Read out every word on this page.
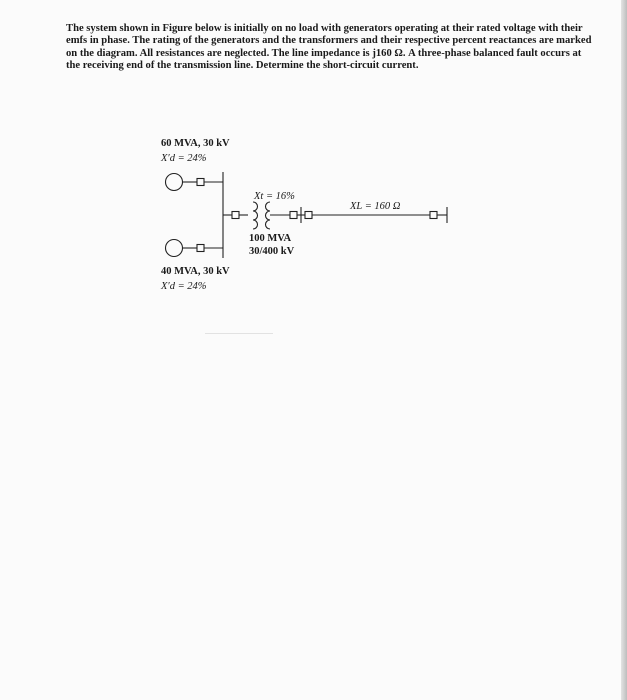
The system shown in Figure below is initially on no load with generators operating at their rated voltage with their emfs in phase. The rating of the generators and the transformers and their respective percent reactances are marked on the diagram. All resistances are neglected. The line impedance is j160 Ω. A three-phase balanced fault occurs at the receiving end of the transmission line. Determine the short-circuit current.

60 MVA, 30 kV
X′d = 24%
Xt = 16%
100 MVA
30/400 kV
XL = 160 Ω
40 MVA, 30 kV
X′d = 24%
